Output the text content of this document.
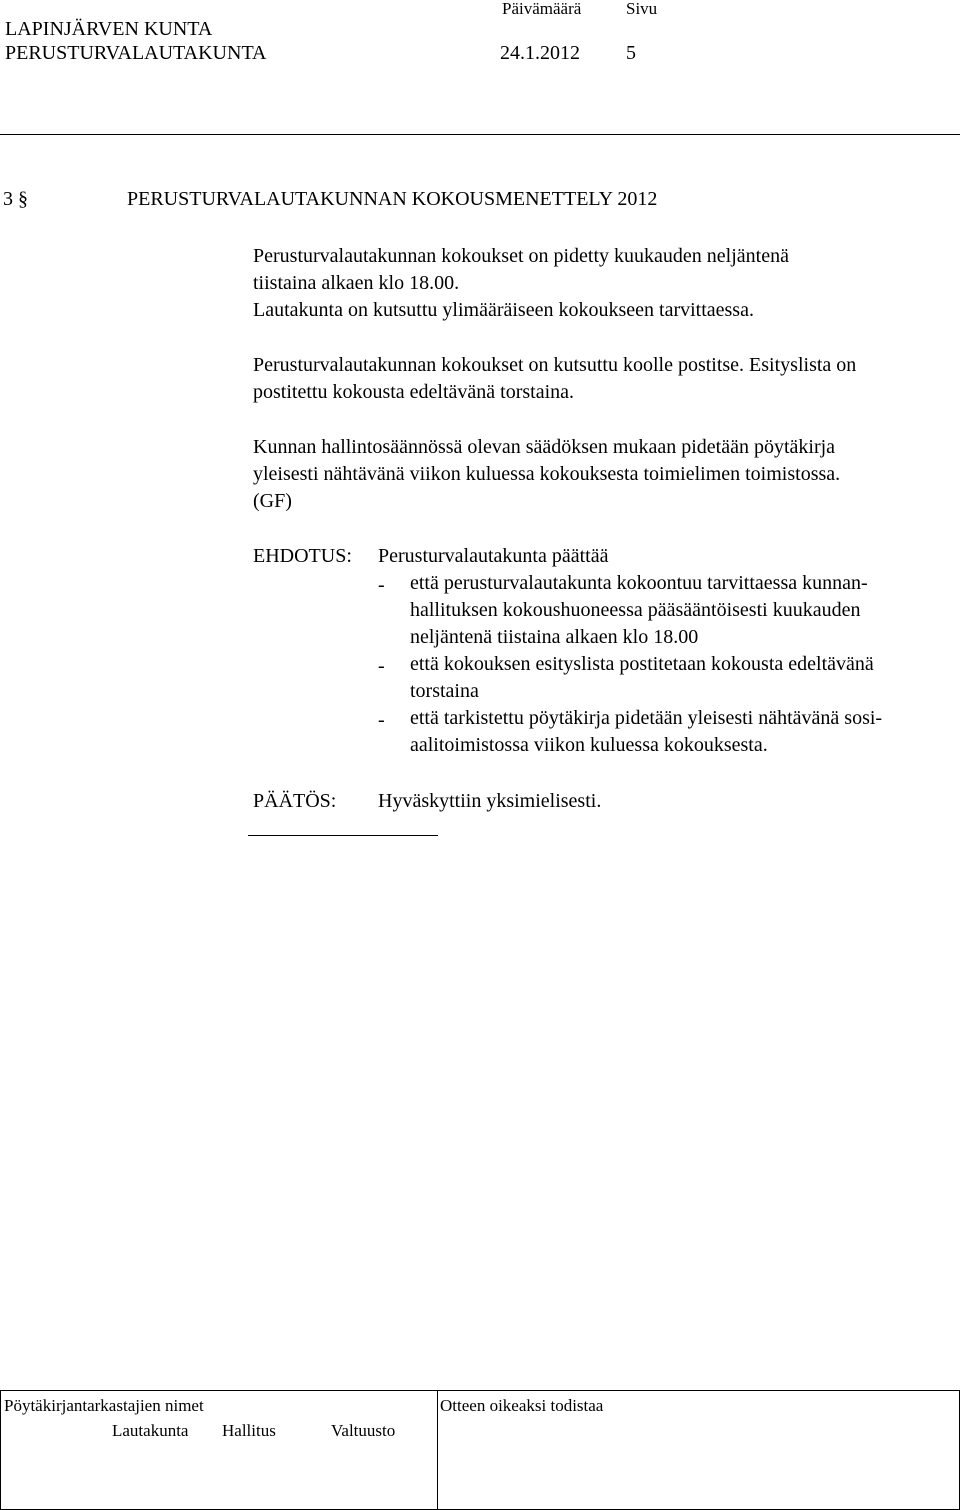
LAPINJÄRVEN KUNTA
PERUSTURVALAUTAKUNTA
Päivämäärä	Sivu
24.1.2012 5
3 §	PERUSTURVALAUTAKUNNAN KOKOUSMENETTELY 2012
Perusturvalautakunnan kokoukset on pidetty kuukauden neljäntenä
tiistaina alkaen klo 18.00.
Lautakunta on kutsuttu ylimääräiseen kokoukseen tarvittaessa.
Perusturvalautakunnan kokoukset on kutsuttu koolle postitse. Esityslista on
postitettu kokousta edeltävänä torstaina.
Kunnan hallintosäännössä olevan säädöksen mukaan pidetään pöytäkirja
yleisesti nähtävänä viikon kuluessa kokouksesta toimielimen toimistossa.
(GF)
EHDOTUS: Perusturvalautakunta päättää
- että perusturvalautakunta kokoontuu tarvittaessa kunnan-
hallituksen kokoushuoneessa pääsääntöisesti kuukauden
neljäntenä tiistaina alkaen klo 18.00
- että kokouksen esityslista postitetaan kokousta edeltävänä
torstaina
- että tarkistettu pöytäkirja pidetään yleisesti nähtävänä sosi-
aalitoimistossa viikon kuluessa kokouksesta.
PÄÄTÖS: Hyväskyttiin yksimielisesti.
Pöytäkirjantarkastajien nimet	Otteen oikeaksi todistaa
Lautakunta Hallitus	Valtuusto
